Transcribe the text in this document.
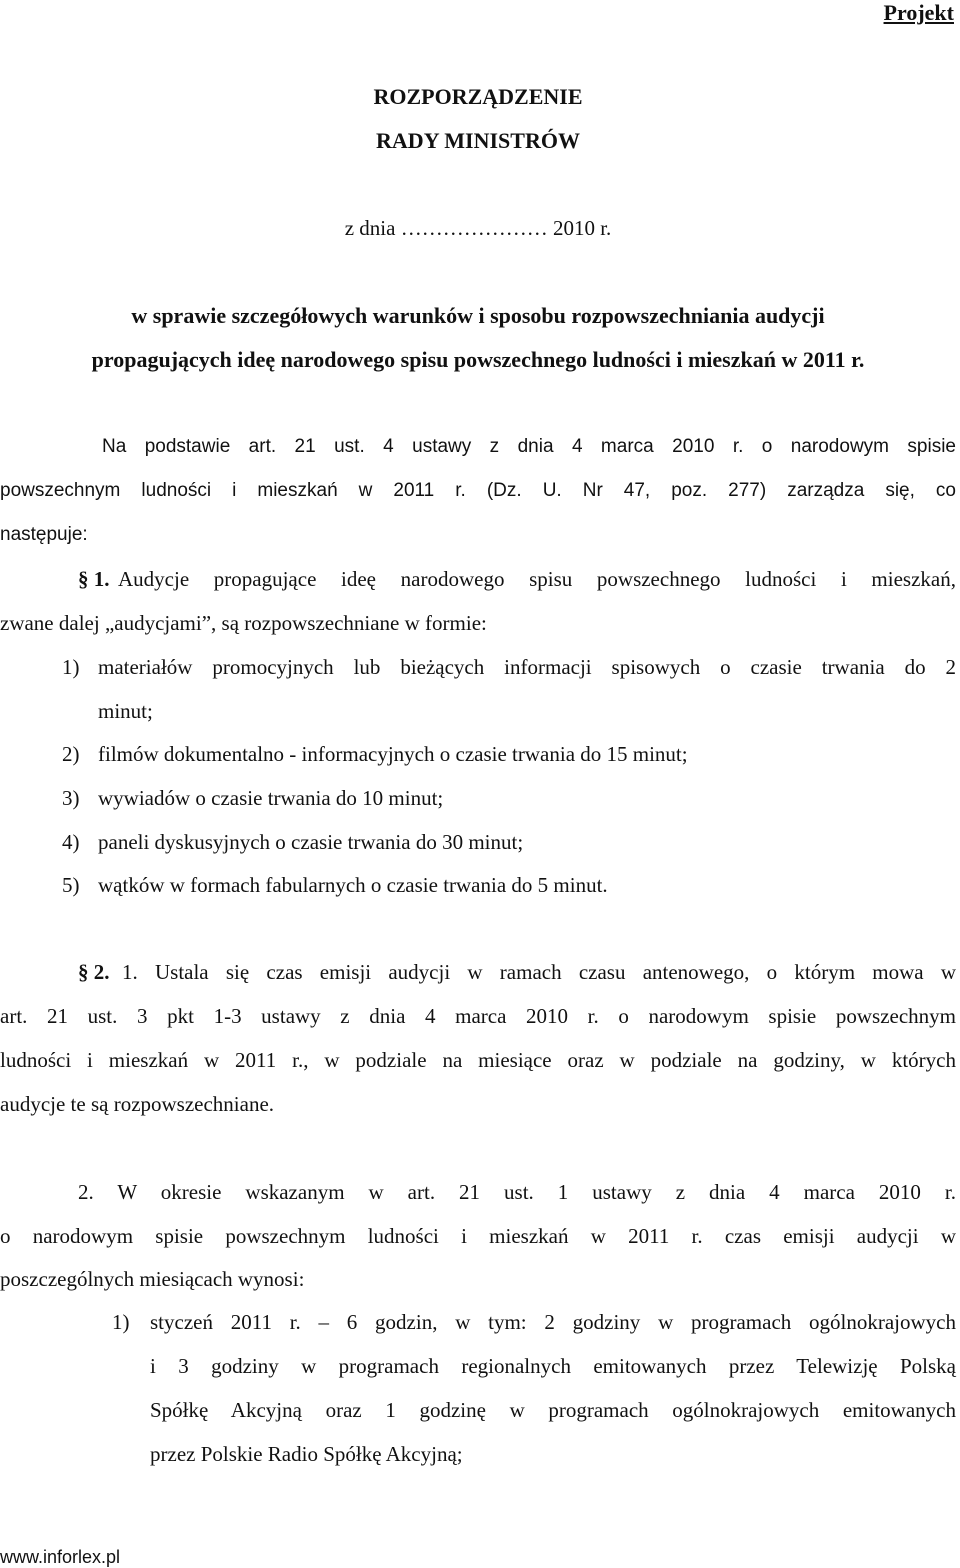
Projekt
ROZPORZĄDZENIE
RADY MINISTRÓW
z dnia ………………… 2010 r.
w sprawie szczegółowych warunków i sposobu rozpowszechniania audycji
propagujących ideę narodowego spisu powszechnego ludności i mieszkań w 2011 r.
Na podstawie art. 21 ust. 4 ustawy z dnia 4 marca 2010 r. o narodowym spisie
powszechnym ludności i mieszkań w 2011 r. (Dz. U. Nr 47, poz. 277) zarządza się, co
następuje:
§ 1. Audycje propagujące ideę narodowego spisu powszechnego ludności i mieszkań,
zwane dalej „audycjami”, są rozpowszechniane w formie:
1) materiałów promocyjnych lub bieżących informacji spisowych o czasie trwania do 2
minut;
2) filmów dokumentalno - informacyjnych o czasie trwania do 15 minut;
3) wywiadów o czasie trwania do 10 minut;
4) paneli dyskusyjnych o czasie trwania do 30 minut;
5) wątków w formach fabularnych o czasie trwania do 5 minut.
§ 2. 1. Ustala się czas emisji audycji w ramach czasu antenowego, o którym mowa w
art. 21 ust. 3 pkt 1-3 ustawy z dnia 4 marca 2010 r. o narodowym spisie powszechnym
ludności i mieszkań w 2011 r., w podziale na miesiące oraz w podziale na godziny, w których
audycje te są rozpowszechniane.
2. W okresie wskazanym w art. 21 ust. 1 ustawy z dnia 4 marca 2010 r.
o narodowym spisie powszechnym ludności i mieszkań w 2011 r. czas emisji audycji w
poszczególnych miesiącach wynosi:
1) styczeń 2011 r. – 6 godzin, w tym: 2 godziny w programach ogólnokrajowych
i 3 godziny w programach regionalnych emitowanych przez Telewizję Polską
Spółkę Akcyjną oraz 1 godzinę w programach ogólnokrajowych emitowanych
przez Polskie Radio Spółkę Akcyjną;
www.inforlex.pl
